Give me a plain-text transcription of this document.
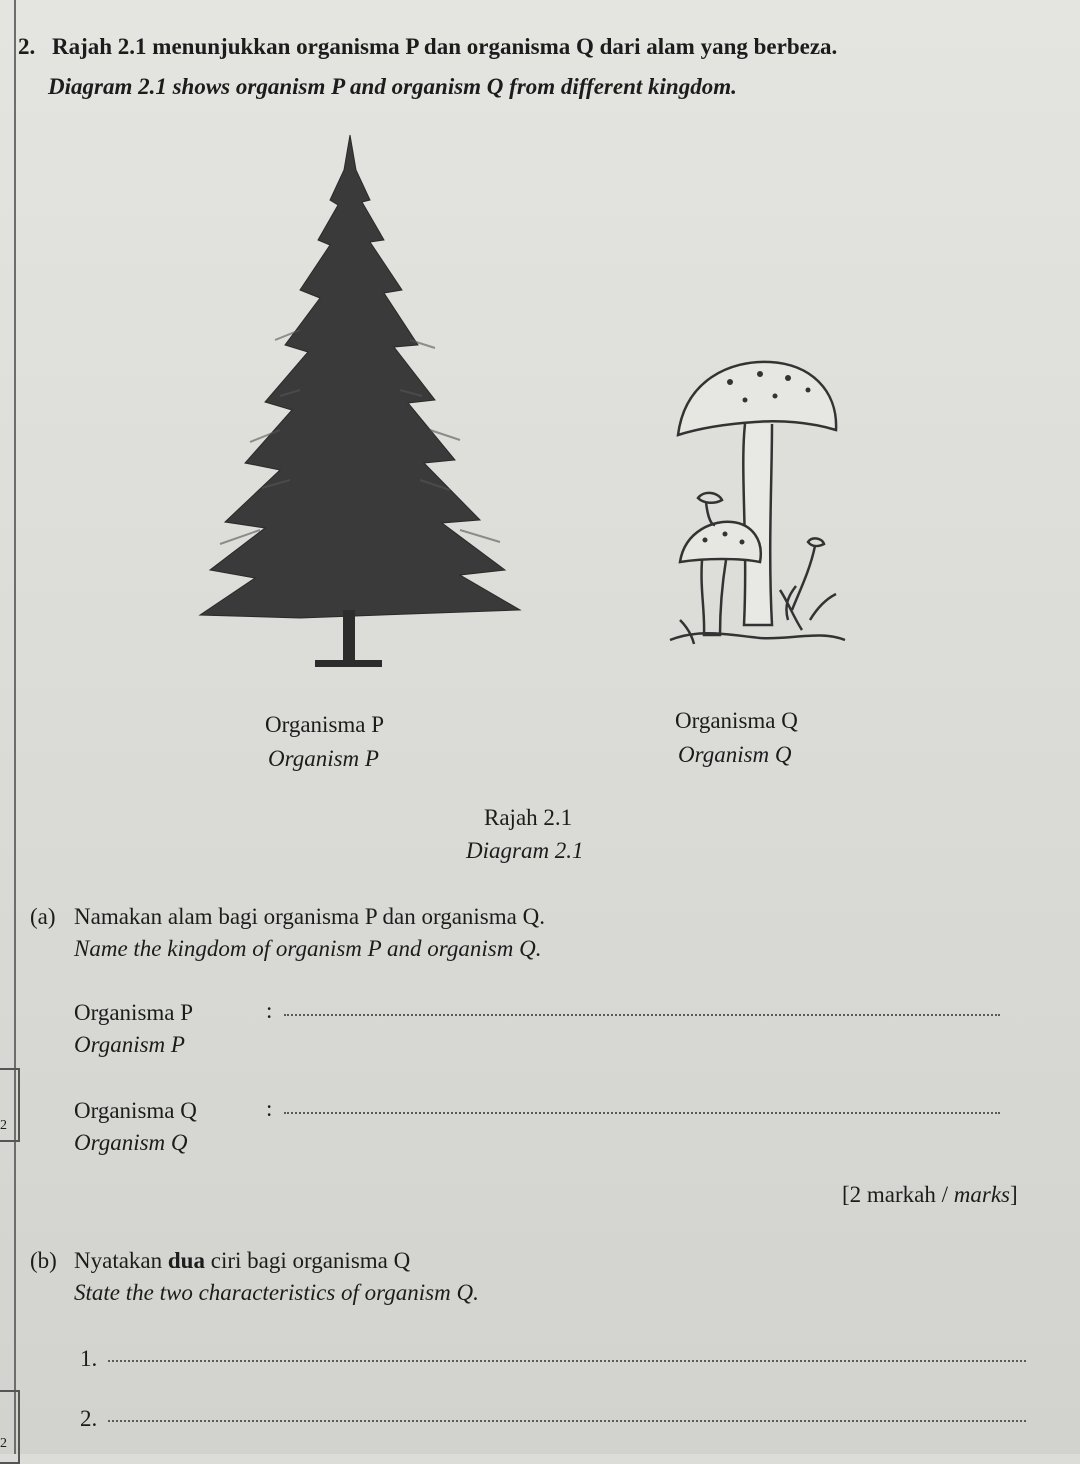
2. Rajah 2.1 menunjukkan organisma P dan organisma Q dari alam yang berbeza.
Diagram 2.1 shows organism P and organism Q from different kingdom.
Organisma P
Organism P
Organisma Q
Organism Q
Rajah 2.1
Diagram 2.1
(a) Namakan alam bagi organisma P dan organisma Q.
Name the kingdom of organism P and organism Q.
Organisma P
Organism P
:
Organisma Q
Organism Q
:
2
[2 markah / marks]
(b) Nyatakan dua ciri bagi organisma Q
State the two characteristics of organism Q.
1.
2.
2
